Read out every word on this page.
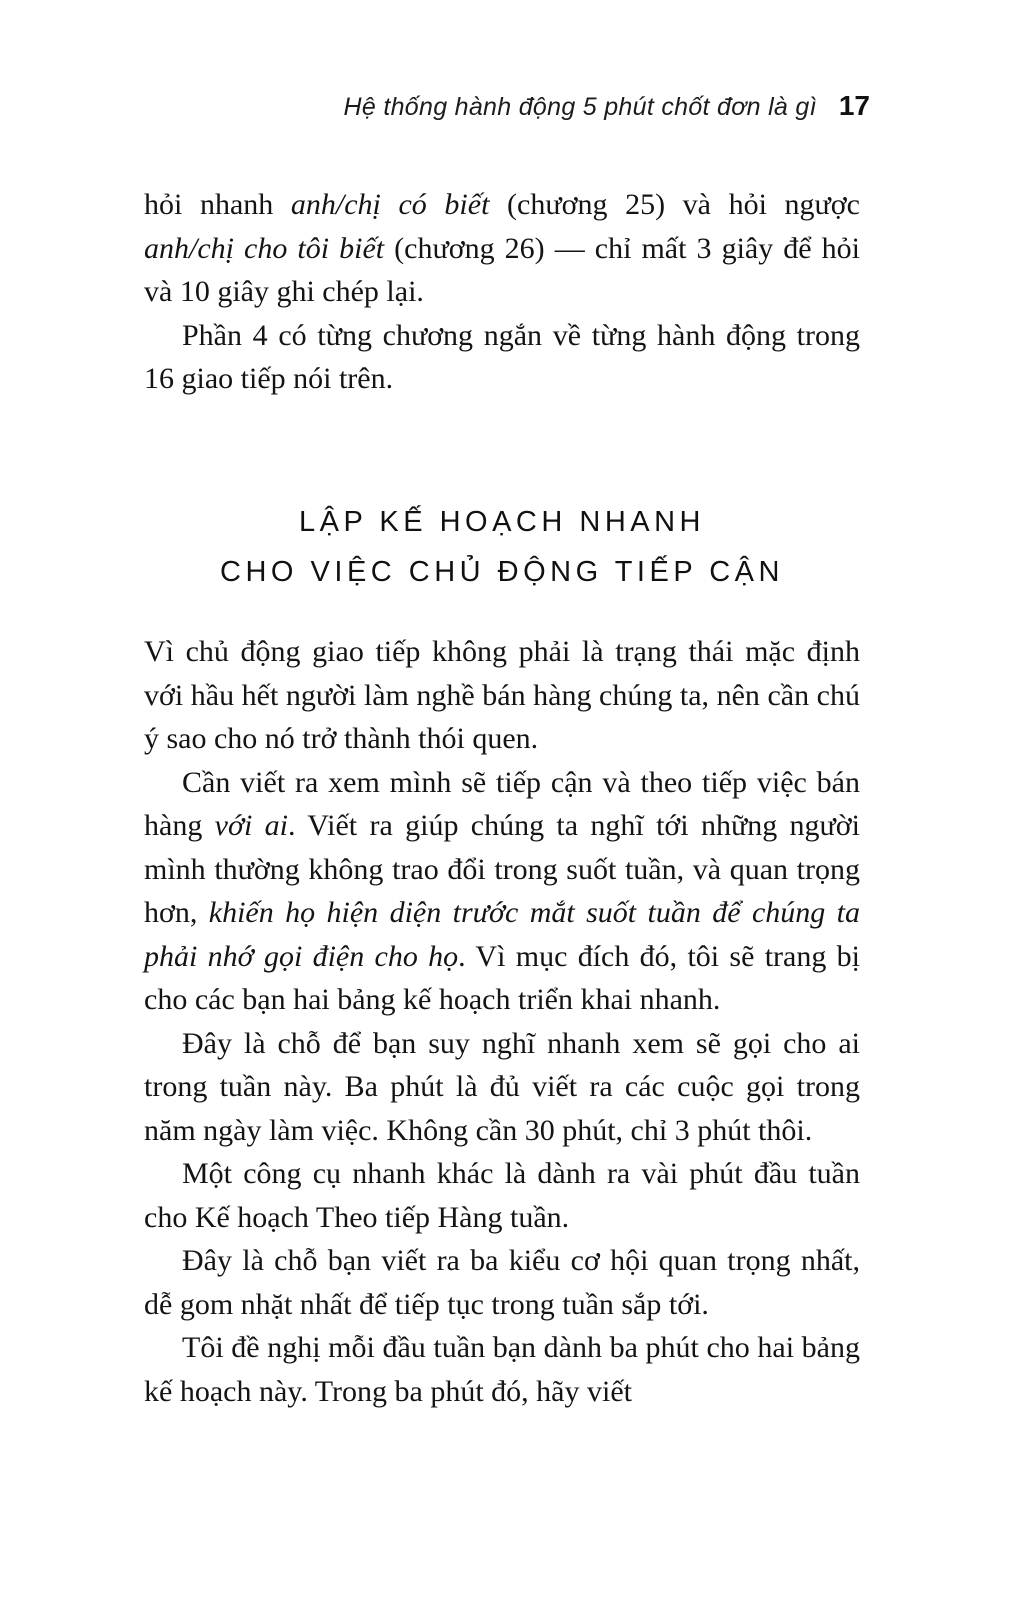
Hệ thống hành động 5 phút chốt đơn là gì 17

hỏi nhanh anh/chị có biết (chương 25) và hỏi ngược anh/chị cho tôi biết (chương 26) — chỉ mất 3 giây để hỏi và 10 giây ghi chép lại.

Phần 4 có từng chương ngắn về từng hành động trong 16 giao tiếp nói trên.

LẬP KẾ HOẠCH NHANH
CHO VIỆC CHỦ ĐỘNG TIẾP CẬN

Vì chủ động giao tiếp không phải là trạng thái mặc định với hầu hết người làm nghề bán hàng chúng ta, nên cần chú ý sao cho nó trở thành thói quen.

Cần viết ra xem mình sẽ tiếp cận và theo tiếp việc bán hàng với ai. Viết ra giúp chúng ta nghĩ tới những người mình thường không trao đổi trong suốt tuần, và quan trọng hơn, khiến họ hiện diện trước mắt suốt tuần để chúng ta phải nhớ gọi điện cho họ. Vì mục đích đó, tôi sẽ trang bị cho các bạn hai bảng kế hoạch triển khai nhanh.

Đây là chỗ để bạn suy nghĩ nhanh xem sẽ gọi cho ai trong tuần này. Ba phút là đủ viết ra các cuộc gọi trong năm ngày làm việc. Không cần 30 phút, chỉ 3 phút thôi.

Một công cụ nhanh khác là dành ra vài phút đầu tuần cho Kế hoạch Theo tiếp Hàng tuần.

Đây là chỗ bạn viết ra ba kiểu cơ hội quan trọng nhất, dễ gom nhặt nhất để tiếp tục trong tuần sắp tới.

Tôi đề nghị mỗi đầu tuần bạn dành ba phút cho hai bảng kế hoạch này. Trong ba phút đó, hãy viết
